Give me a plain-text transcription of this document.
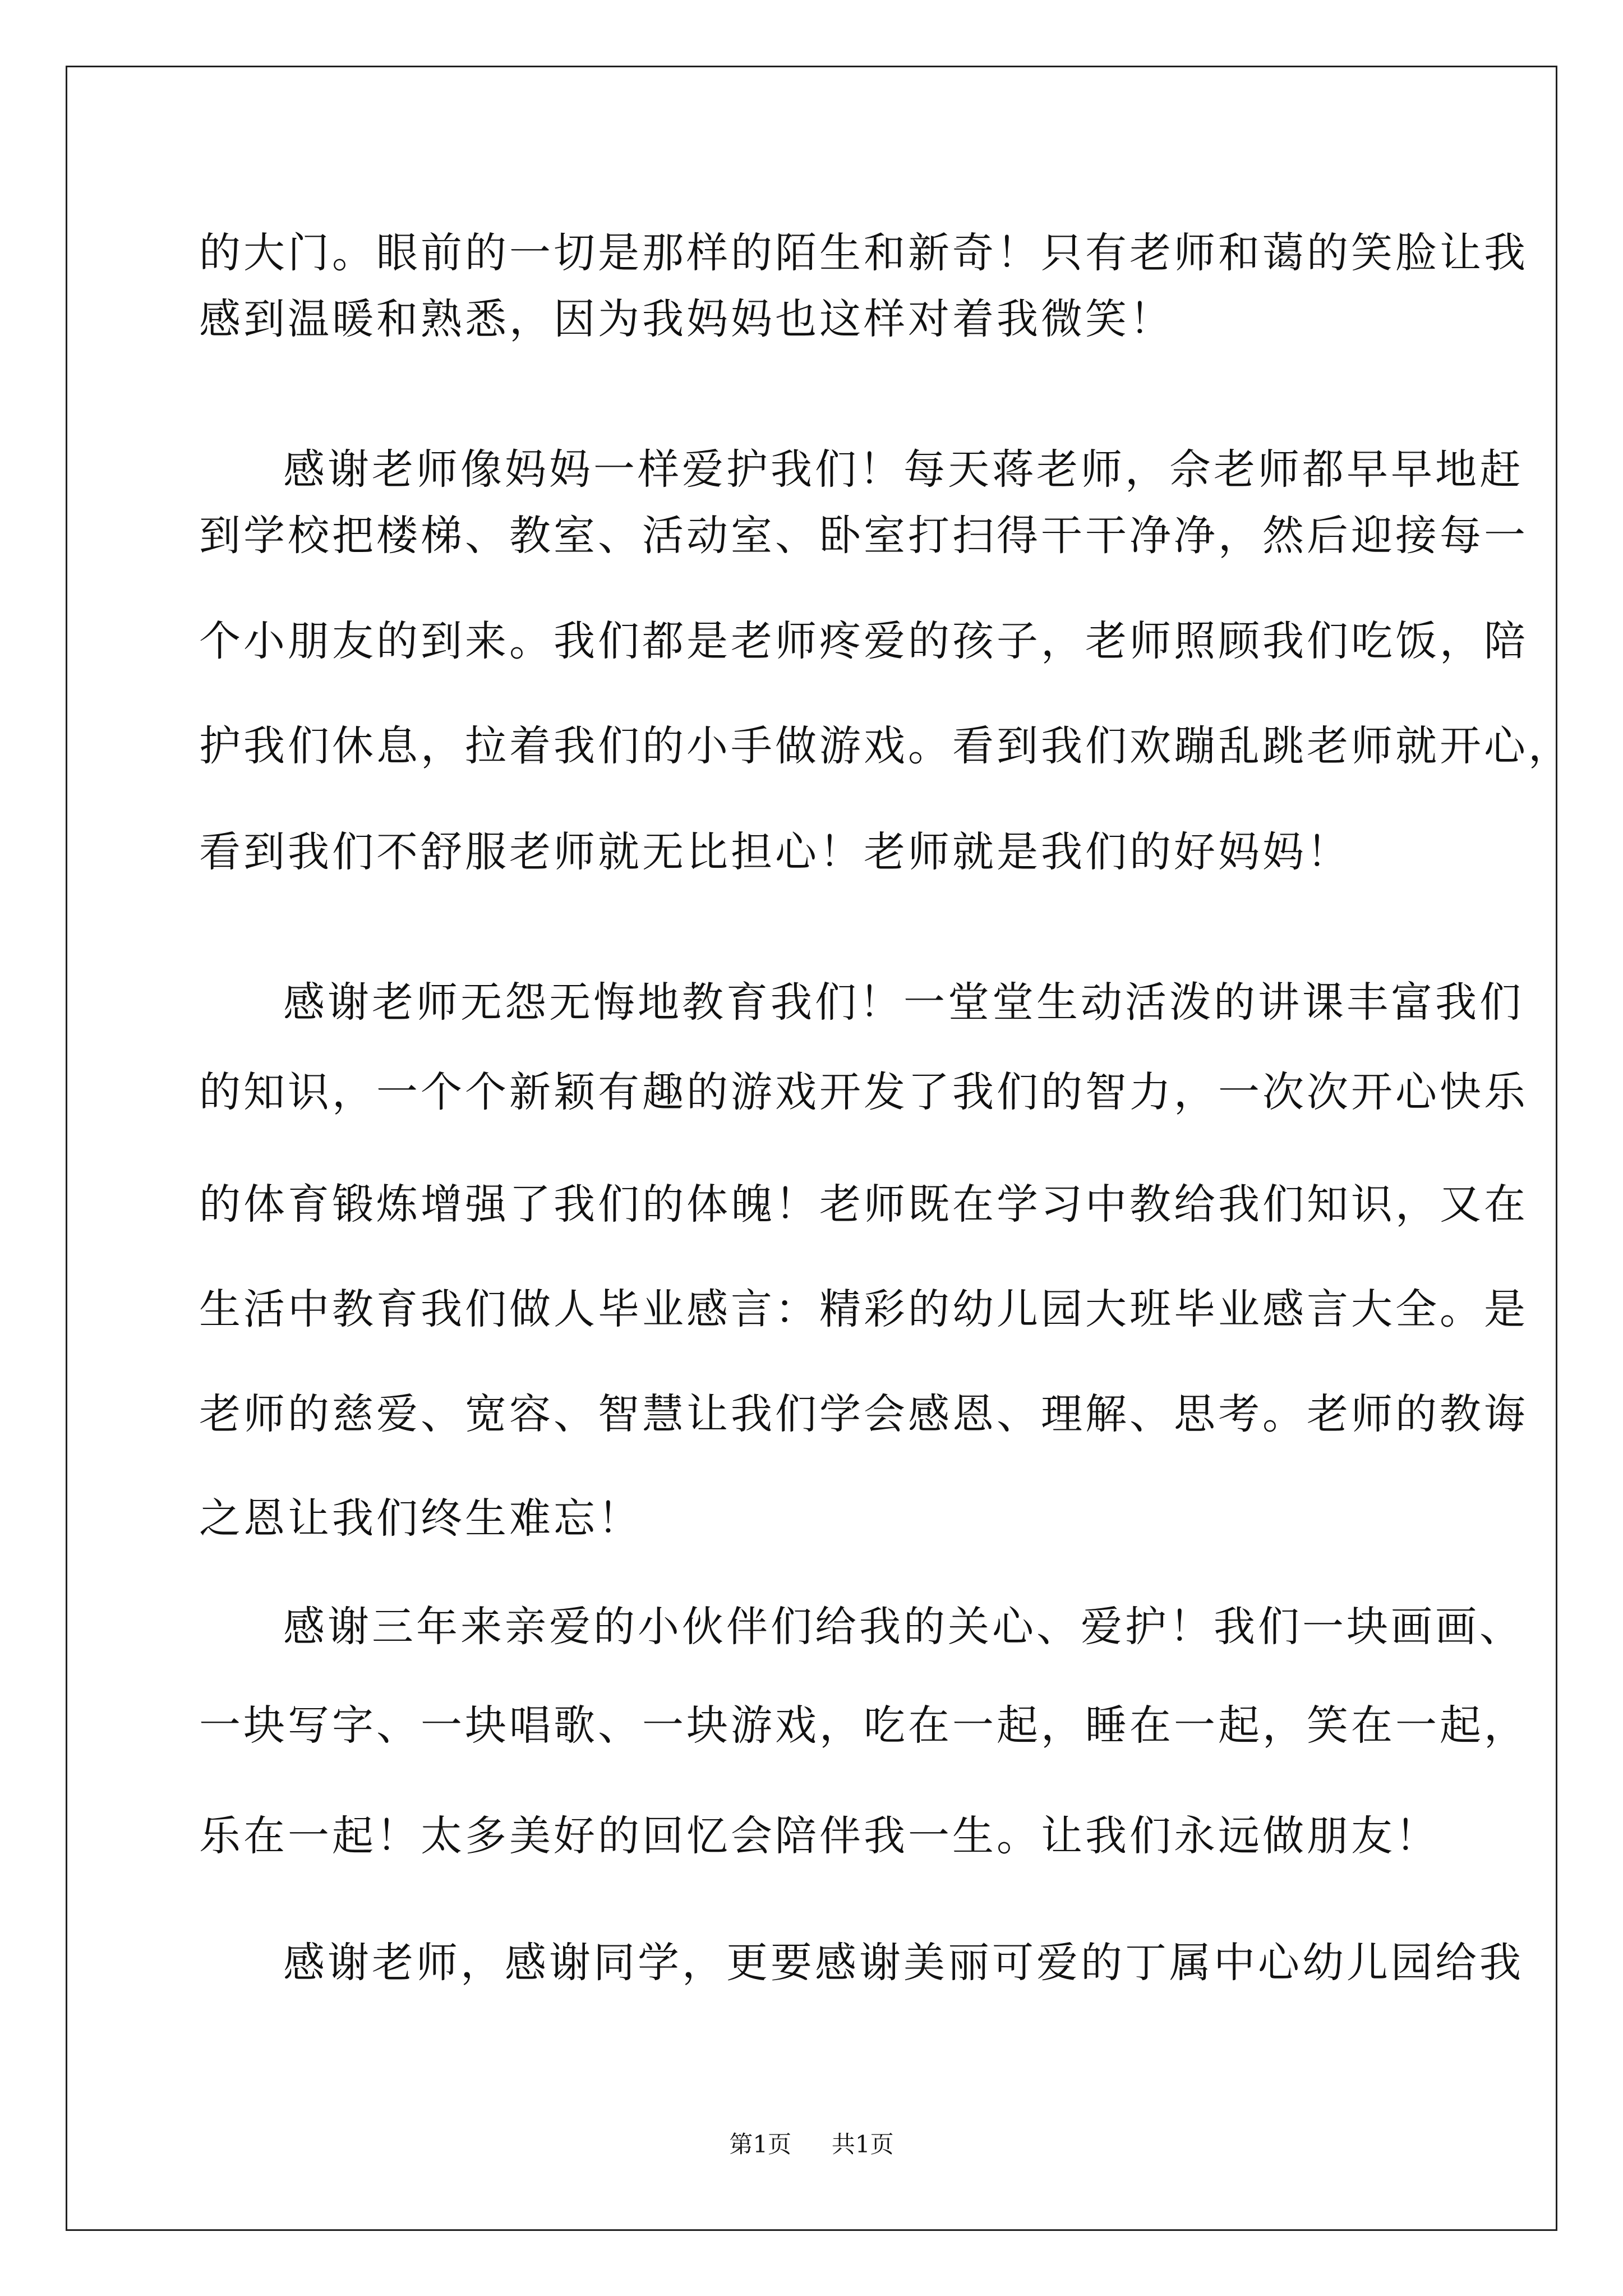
的大门。眼前的一切是那样的陌生和新奇！只有老师和蔼的笑脸让我
感到温暖和熟悉，因为我妈妈也这样对着我微笑！
感谢老师像妈妈一样爱护我们！每天蒋老师，佘老师都早早地赶
到学校把楼梯、教室、活动室、卧室打扫得干干净净，然后迎接每一
个小朋友的到来。我们都是老师疼爱的孩子，老师照顾我们吃饭，陪
护我们休息，拉着我们的小手做游戏。看到我们欢蹦乱跳老师就开心，
看到我们不舒服老师就无比担心！老师就是我们的好妈妈！
感谢老师无怨无悔地教育我们！一堂堂生动活泼的讲课丰富我们
的知识，一个个新颖有趣的游戏开发了我们的智力，一次次开心快乐
的体育锻炼增强了我们的体魄！老师既在学习中教给我们知识，又在
生活中教育我们做人毕业感言：精彩的幼儿园大班毕业感言大全。是
老师的慈爱、宽容、智慧让我们学会感恩、理解、思考。老师的教诲
之恩让我们终生难忘！
感谢三年来亲爱的小伙伴们给我的关心、爱护！我们一块画画、
一块写字、一块唱歌、一块游戏，吃在一起，睡在一起，笑在一起，
乐在一起！太多美好的回忆会陪伴我一生。让我们永远做朋友！
感谢老师，感谢同学，更要感谢美丽可爱的丁属中心幼儿园给我
第1页 共1页
